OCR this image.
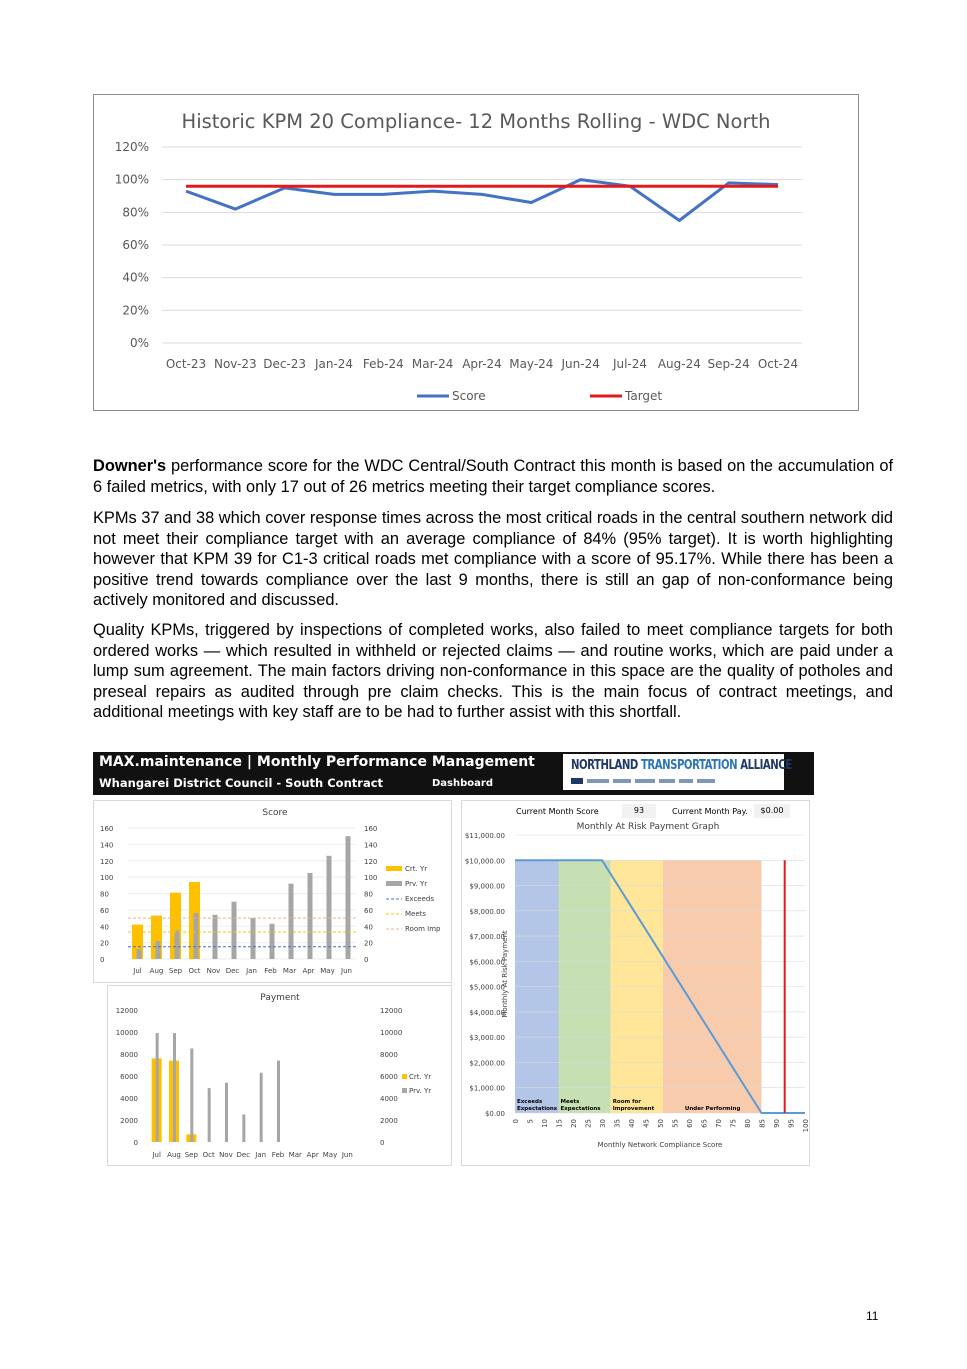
Historic KPM 20 Compliance- 12 Months Rolling - WDC North
0%
20%
40%
60%
80%
100%
120%
Oct-23 Nov-23 Dec-23 Jan-24 Feb-24 Mar-24 Apr-24 May-24 Jun-24 Jul-24 Aug-24 Sep-24 Oct-24
Score	Target
Downer's performance score for the WDC Central/South Contract this month is based on the accumulation of 6 failed metrics, with only 17 out of 26 metrics meeting their target compliance scores.
KPMs 37 and 38 which cover response times across the most critical roads in the central southern network did not meet their compliance target with an average compliance of 84% (95% target). It is worth highlighting however that KPM 39 for C1-3 critical roads met compliance with a score of 95.17%. While there has been a positive trend towards compliance over the last 9 months, there is still an gap of non-conformance being actively monitored and discussed.
Quality KPMs, triggered by inspections of completed works, also failed to meet compliance targets for both ordered works — which resulted in withheld or rejected claims — and routine works, which are paid under a lump sum agreement. The main factors driving non-conformance in this space are the quality of potholes and preseal repairs as audited through pre claim checks. This is the main focus of contract meetings, and additional meetings with key staff are to be had to further assist with this shortfall.
MAX.maintenance | Monthly Performance Management
Whangarei District Council - South Contract	Dashboard
NORTHLAND TRANSPORTATION ALLIANCE
Score
0	0
20	20
40	40
60	60
80	80
100	100
120	120
140	140
160	160
Jul Aug Sep Oct Nov Dec Jan Feb Mar Apr May Jun
Crt. Yr
Prv. Yr
Exceeds
Meets
Room Imp
Payment
0	0
2000	2000
4000	4000
6000	6000
8000	8000
10000	10000
12000	12000
Jul Aug Sep Oct Nov Dec Jan Feb Mar Apr May Jun
Crt. Yr
Prv. Yr
Current Month Score	93	Current Month Pay.	$0.00
Monthly At Risk Payment Graph
$0.00
$1,000.00
$2,000.00
$3,000.00
$4,000.00
$5,000.00
$6,000.00
$7,000.00
$8,000.00
$9,000.00
$10,000.00
$11,000.00
0 5 10 15 20 25 30 35 40 45 50 55 60 65 70 75 80 85 90 95 100
Monthly At Risk Payment
Monthly Network Compliance Score
Exceeds
Expectations
Meets
Expectations
Room for
Improvement	Under Performing
11
